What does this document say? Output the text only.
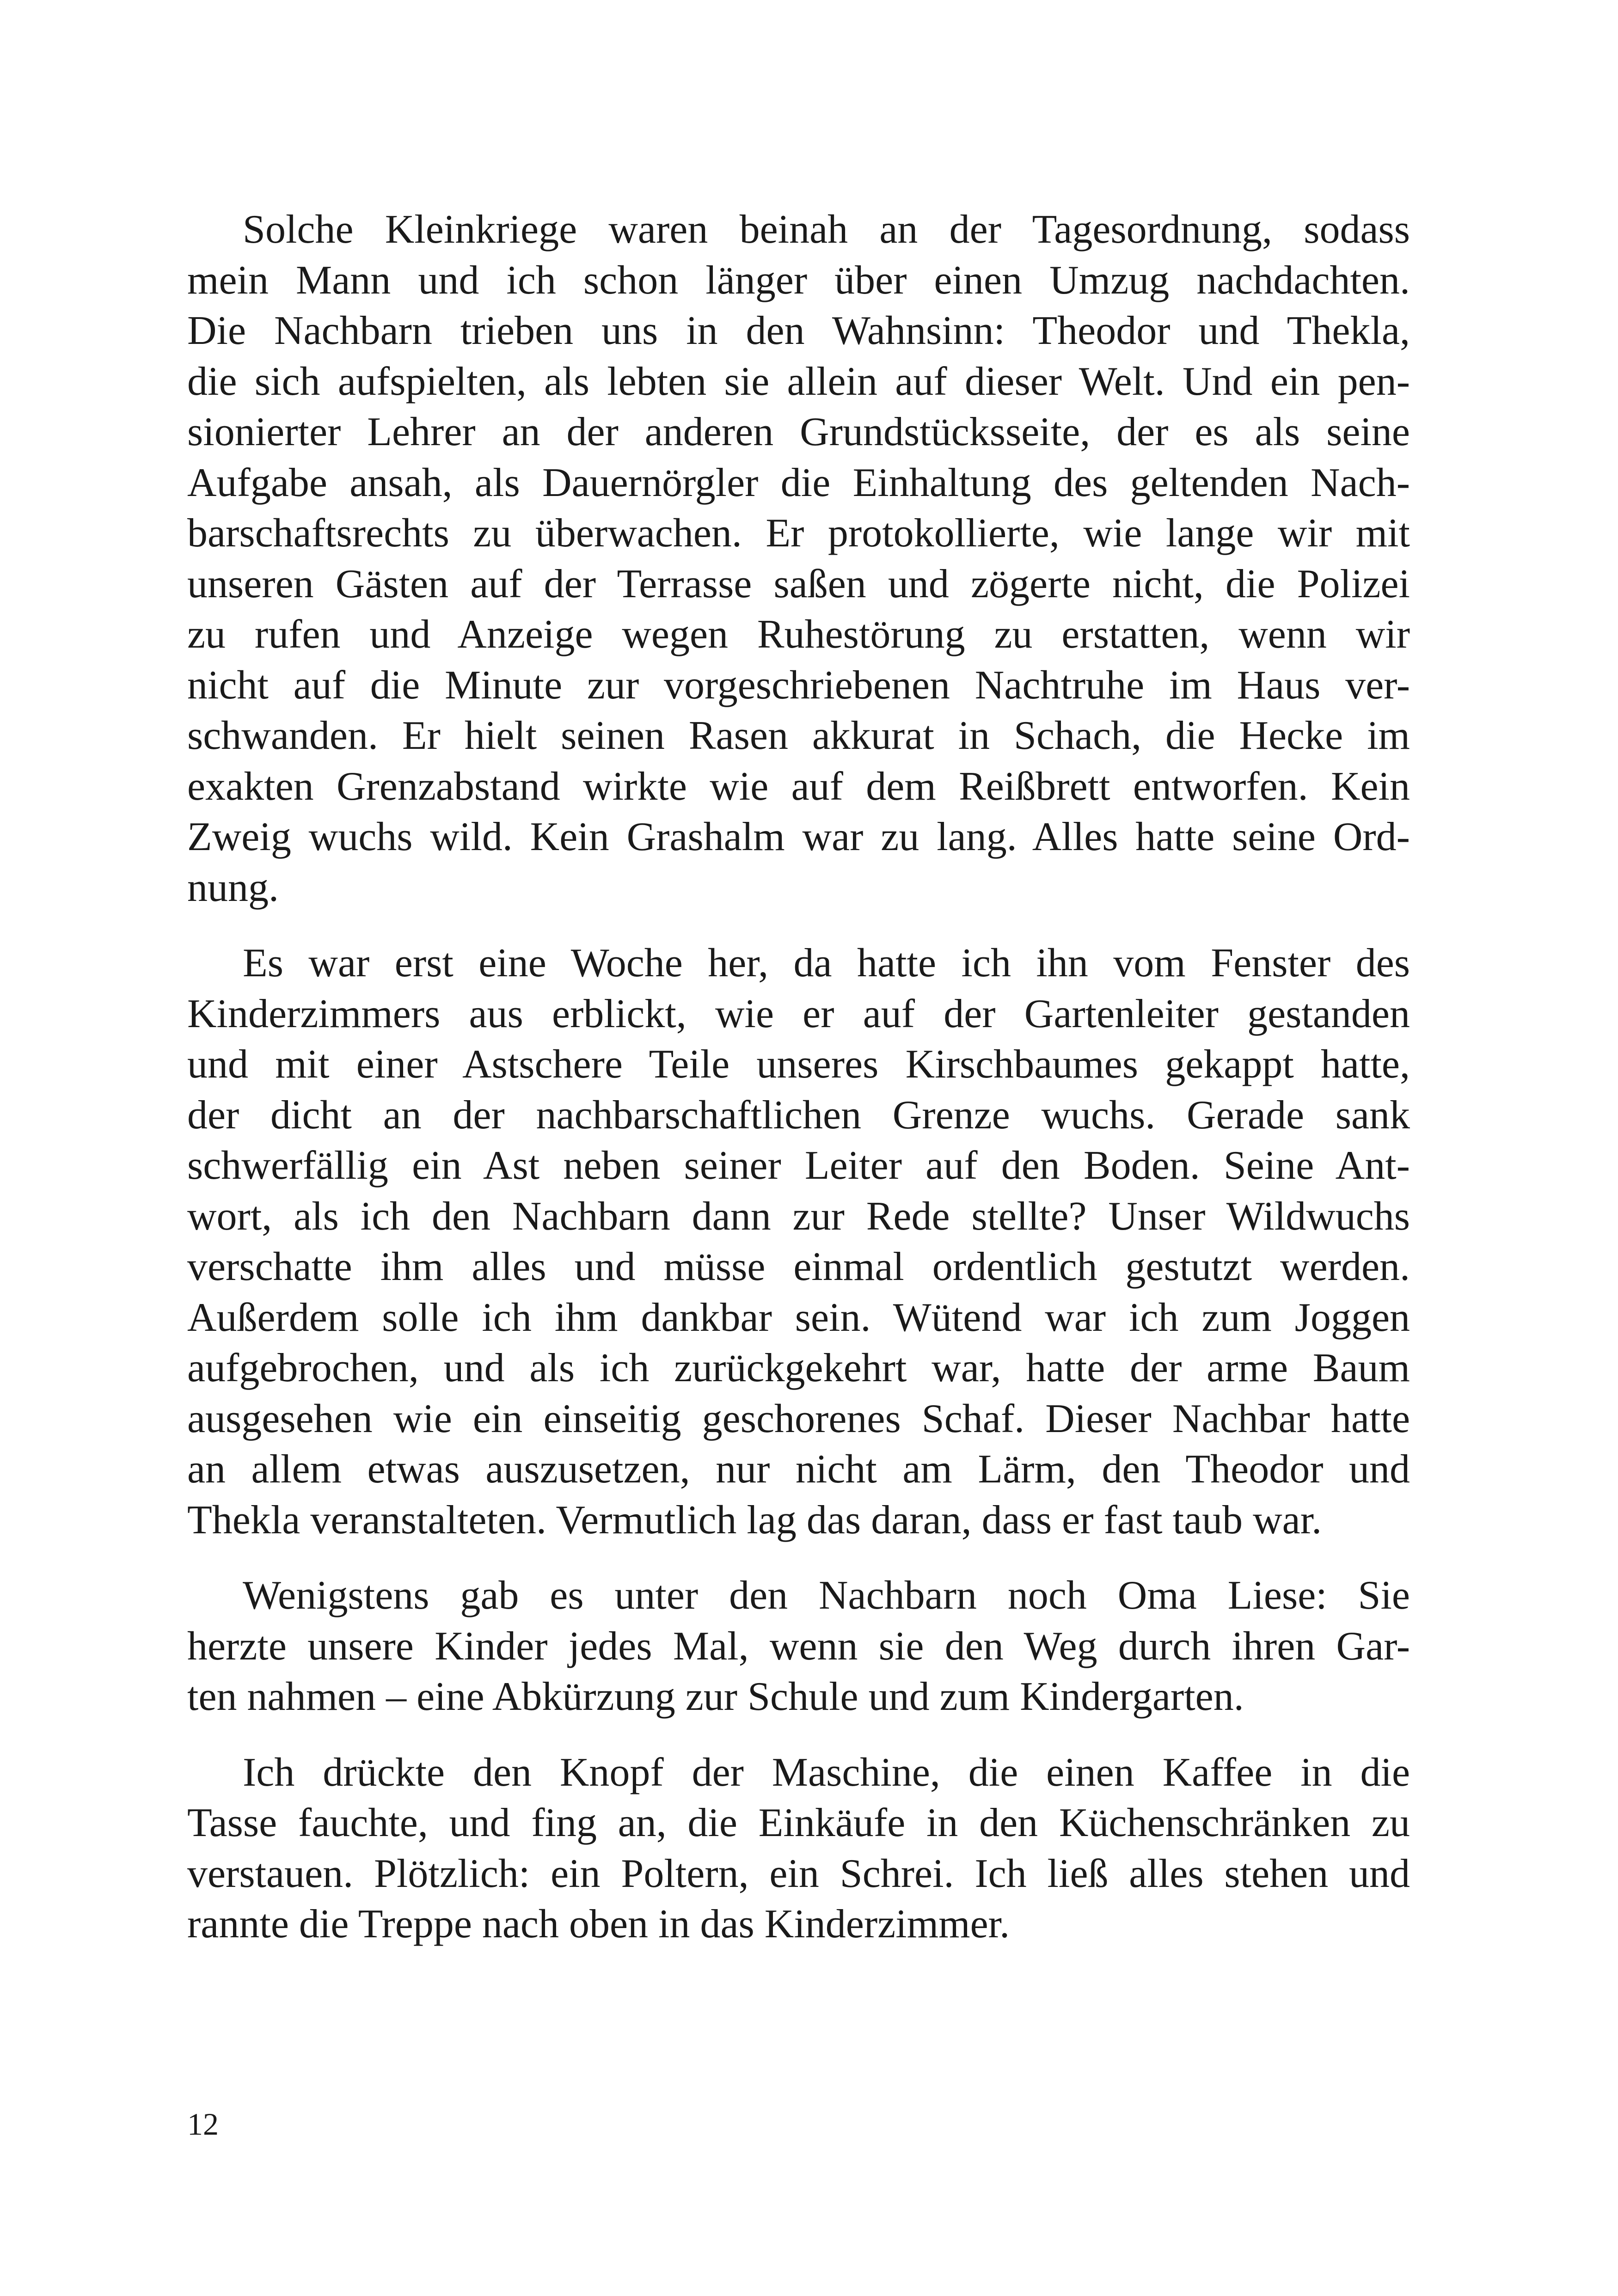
Solche Kleinkriege waren beinah an der Tagesordnung, sodass
mein Mann und ich schon länger über einen Umzug nachdachten.
Die Nachbarn trieben uns in den Wahnsinn: Theodor und Thekla,
die sich aufspielten, als lebten sie allein auf dieser Welt. Und ein pen-
sionierter Lehrer an der anderen Grundstücksseite, der es als seine
Aufgabe ansah, als Dauernörgler die Einhaltung des geltenden Nach-
barschaftsrechts zu überwachen. Er protokollierte, wie lange wir mit
unseren Gästen auf der Terrasse saßen und zögerte nicht, die Polizei
zu rufen und Anzeige wegen Ruhestörung zu erstatten, wenn wir
nicht auf die Minute zur vorgeschriebenen Nachtruhe im Haus ver-
schwanden. Er hielt seinen Rasen akkurat in Schach, die Hecke im
exakten Grenzabstand wirkte wie auf dem Reißbrett entworfen. Kein
Zweig wuchs wild. Kein Grashalm war zu lang. Alles hatte seine Ord-
nung.

Es war erst eine Woche her, da hatte ich ihn vom Fenster des
Kinderzimmers aus erblickt, wie er auf der Gartenleiter gestanden
und mit einer Astschere Teile unseres Kirschbaumes gekappt hatte,
der dicht an der nachbarschaftlichen Grenze wuchs. Gerade sank
schwerfällig ein Ast neben seiner Leiter auf den Boden. Seine Ant-
wort, als ich den Nachbarn dann zur Rede stellte? Unser Wildwuchs
verschatte ihm alles und müsse einmal ordentlich gestutzt werden.
Außerdem solle ich ihm dankbar sein. Wütend war ich zum Joggen
aufgebrochen, und als ich zurückgekehrt war, hatte der arme Baum
ausgesehen wie ein einseitig geschorenes Schaf. Dieser Nachbar hatte
an allem etwas auszusetzen, nur nicht am Lärm, den Theodor und
Thekla veranstalteten. Vermutlich lag das daran, dass er fast taub war.

Wenigstens gab es unter den Nachbarn noch Oma Liese: Sie
herzte unsere Kinder jedes Mal, wenn sie den Weg durch ihren Gar-
ten nahmen – eine Abkürzung zur Schule und zum Kindergarten.

Ich drückte den Knopf der Maschine, die einen Kaffee in die
Tasse fauchte, und fing an, die Einkäufe in den Küchenschränken zu
verstauen. Plötzlich: ein Poltern, ein Schrei. Ich ließ alles stehen und
rannte die Treppe nach oben in das Kinderzimmer.

12
